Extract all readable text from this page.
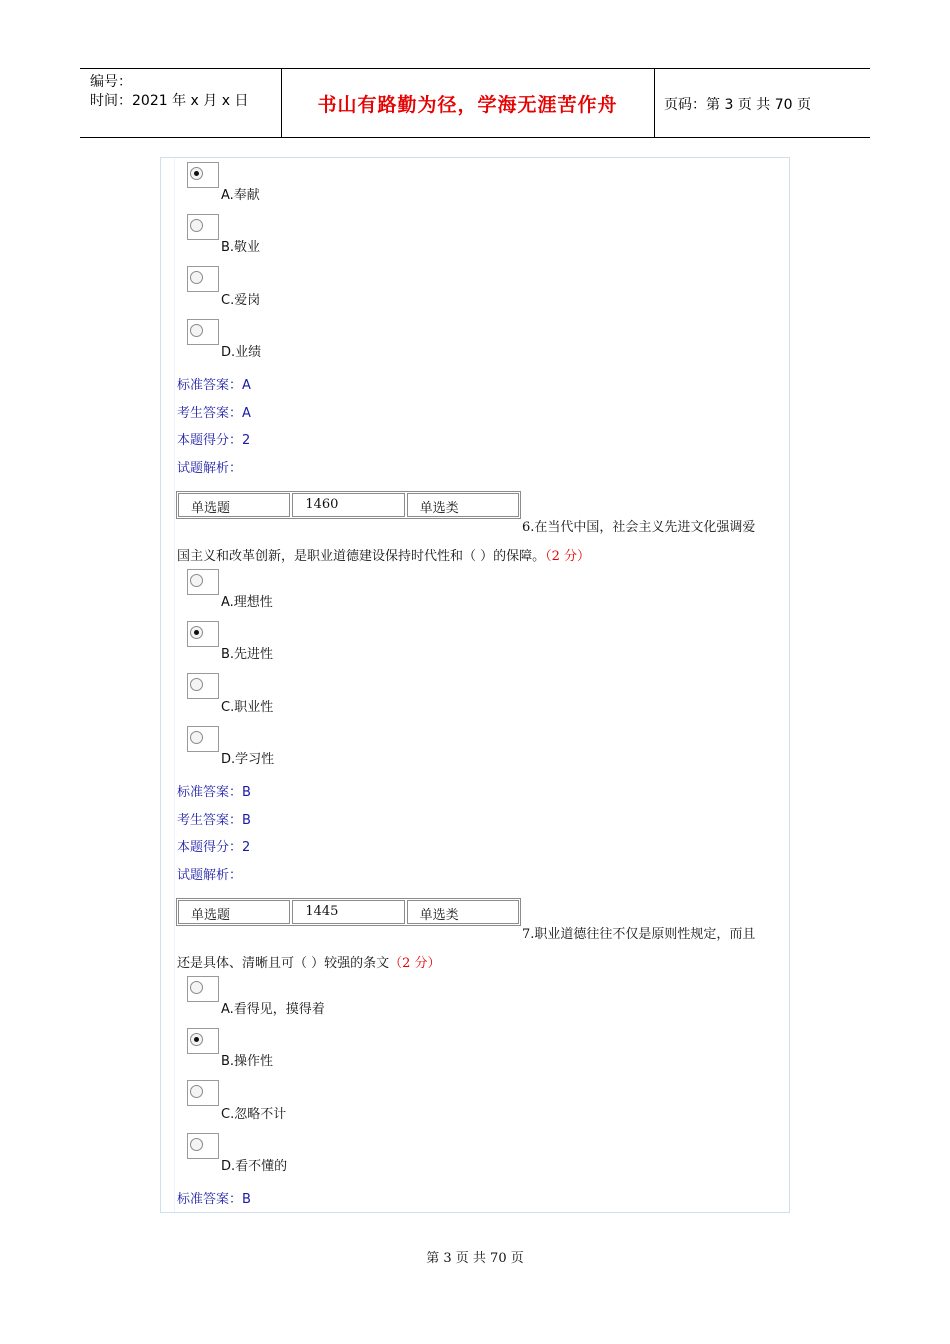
编号：
时间：2021 年 x 月 x 日	书山有路勤为径，学海无涯苦作舟	页码：第 3 页 共 70 页
A.奉献
B.敬业
C.爱岗
D.业绩
标准答案：A
考生答案：A
本题得分：2
试题解析：
单选题	1460	单选类
6.在当代中国，社会主义先进文化强调爱
国主义和改革创新，是职业道德建设保持时代性和（ ）的保障。（2 分）
A.理想性
B.先进性
C.职业性
D.学习性
标准答案：B
考生答案：B
本题得分：2
试题解析：
单选题	1445	单选类
7.职业道德往往不仅是原则性规定，而且
还是具体、清晰且可（ ）较强的条文（2 分）
A.看得见，摸得着
B.操作性
C.忽略不计
D.看不懂的
标准答案：B
第 3 页 共 70 页
